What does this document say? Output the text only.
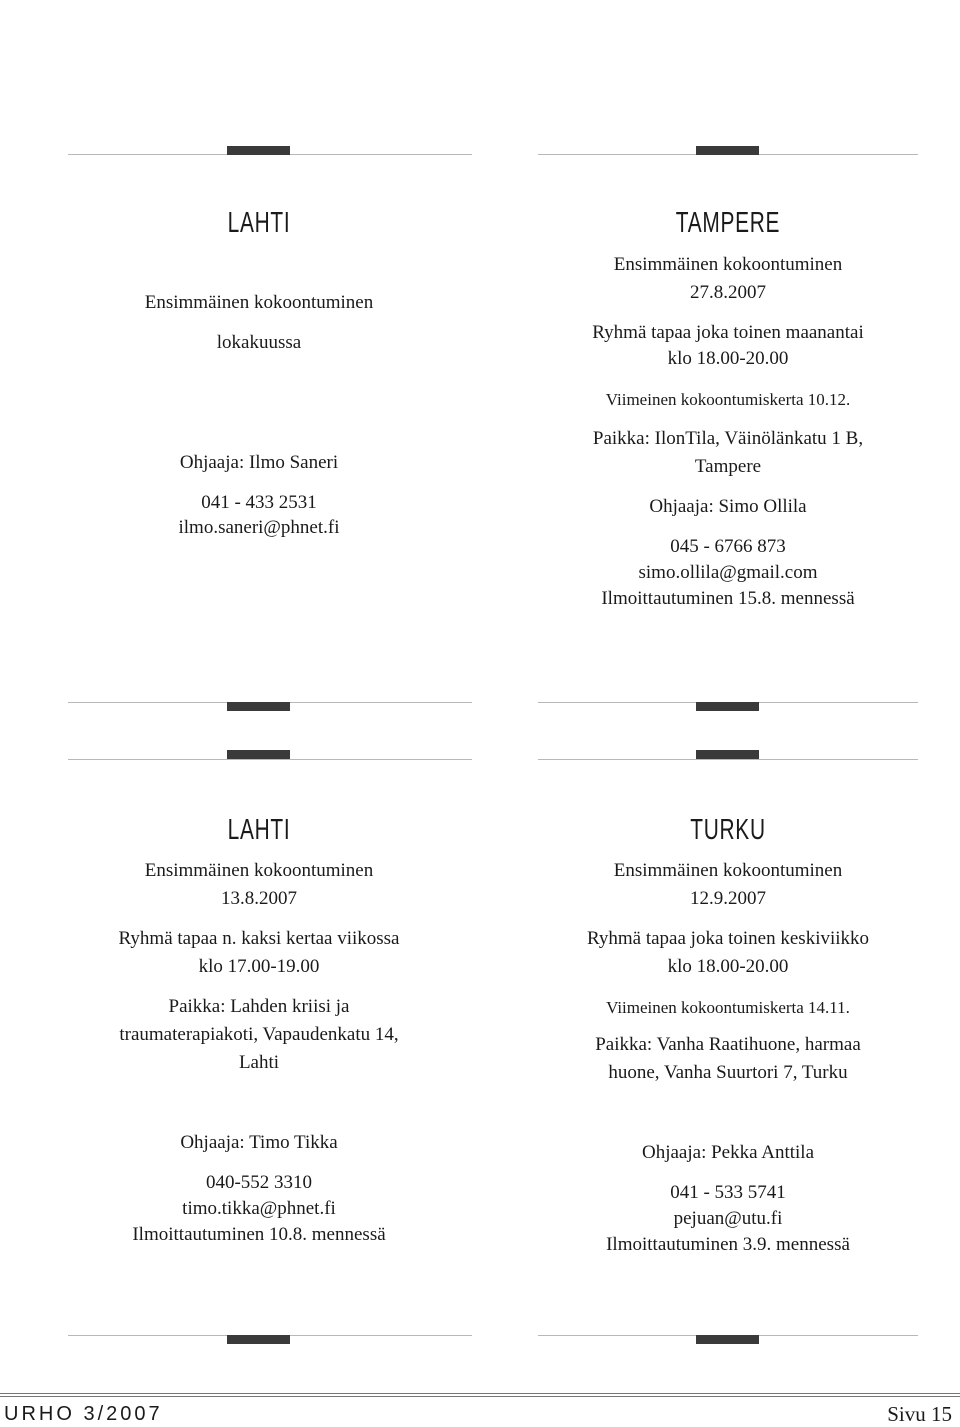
LAHTI
Ensimmäinen kokoontuminen
lokakuussa
Ohjaaja: Ilmo Saneri
041 - 433 2531
ilmo.saneri@phnet.fi
TAMPERE
Ensimmäinen kokoontuminen
27.8.2007
Ryhmä tapaa joka toinen maanantai
klo 18.00-20.00
Viimeinen kokoontumiskerta 10.12.
Paikka: IlonTila, Väinölänkatu 1 B,
Tampere
Ohjaaja: Simo Ollila
045 - 6766 873
simo.ollila@gmail.com
Ilmoittautuminen 15.8. mennessä
LAHTI
Ensimmäinen kokoontuminen
13.8.2007
Ryhmä tapaa n. kaksi kertaa viikossa
klo 17.00-19.00
Paikka: Lahden kriisi ja
traumaterapiakoti, Vapaudenkatu 14,
Lahti
Ohjaaja: Timo Tikka
040-552 3310
timo.tikka@phnet.fi
Ilmoittautuminen 10.8. mennessä
TURKU
Ensimmäinen kokoontuminen
12.9.2007
Ryhmä tapaa joka toinen keskiviikko
klo 18.00-20.00
Viimeinen kokoontumiskerta 14.11.
Paikka: Vanha Raatihuone, harmaa
huone, Vanha Suurtori 7, Turku
Ohjaaja: Pekka Anttila
041 - 533 5741
pejuan@utu.fi
Ilmoittautuminen 3.9. mennessä
URHO 3/2007	Sivu 15
